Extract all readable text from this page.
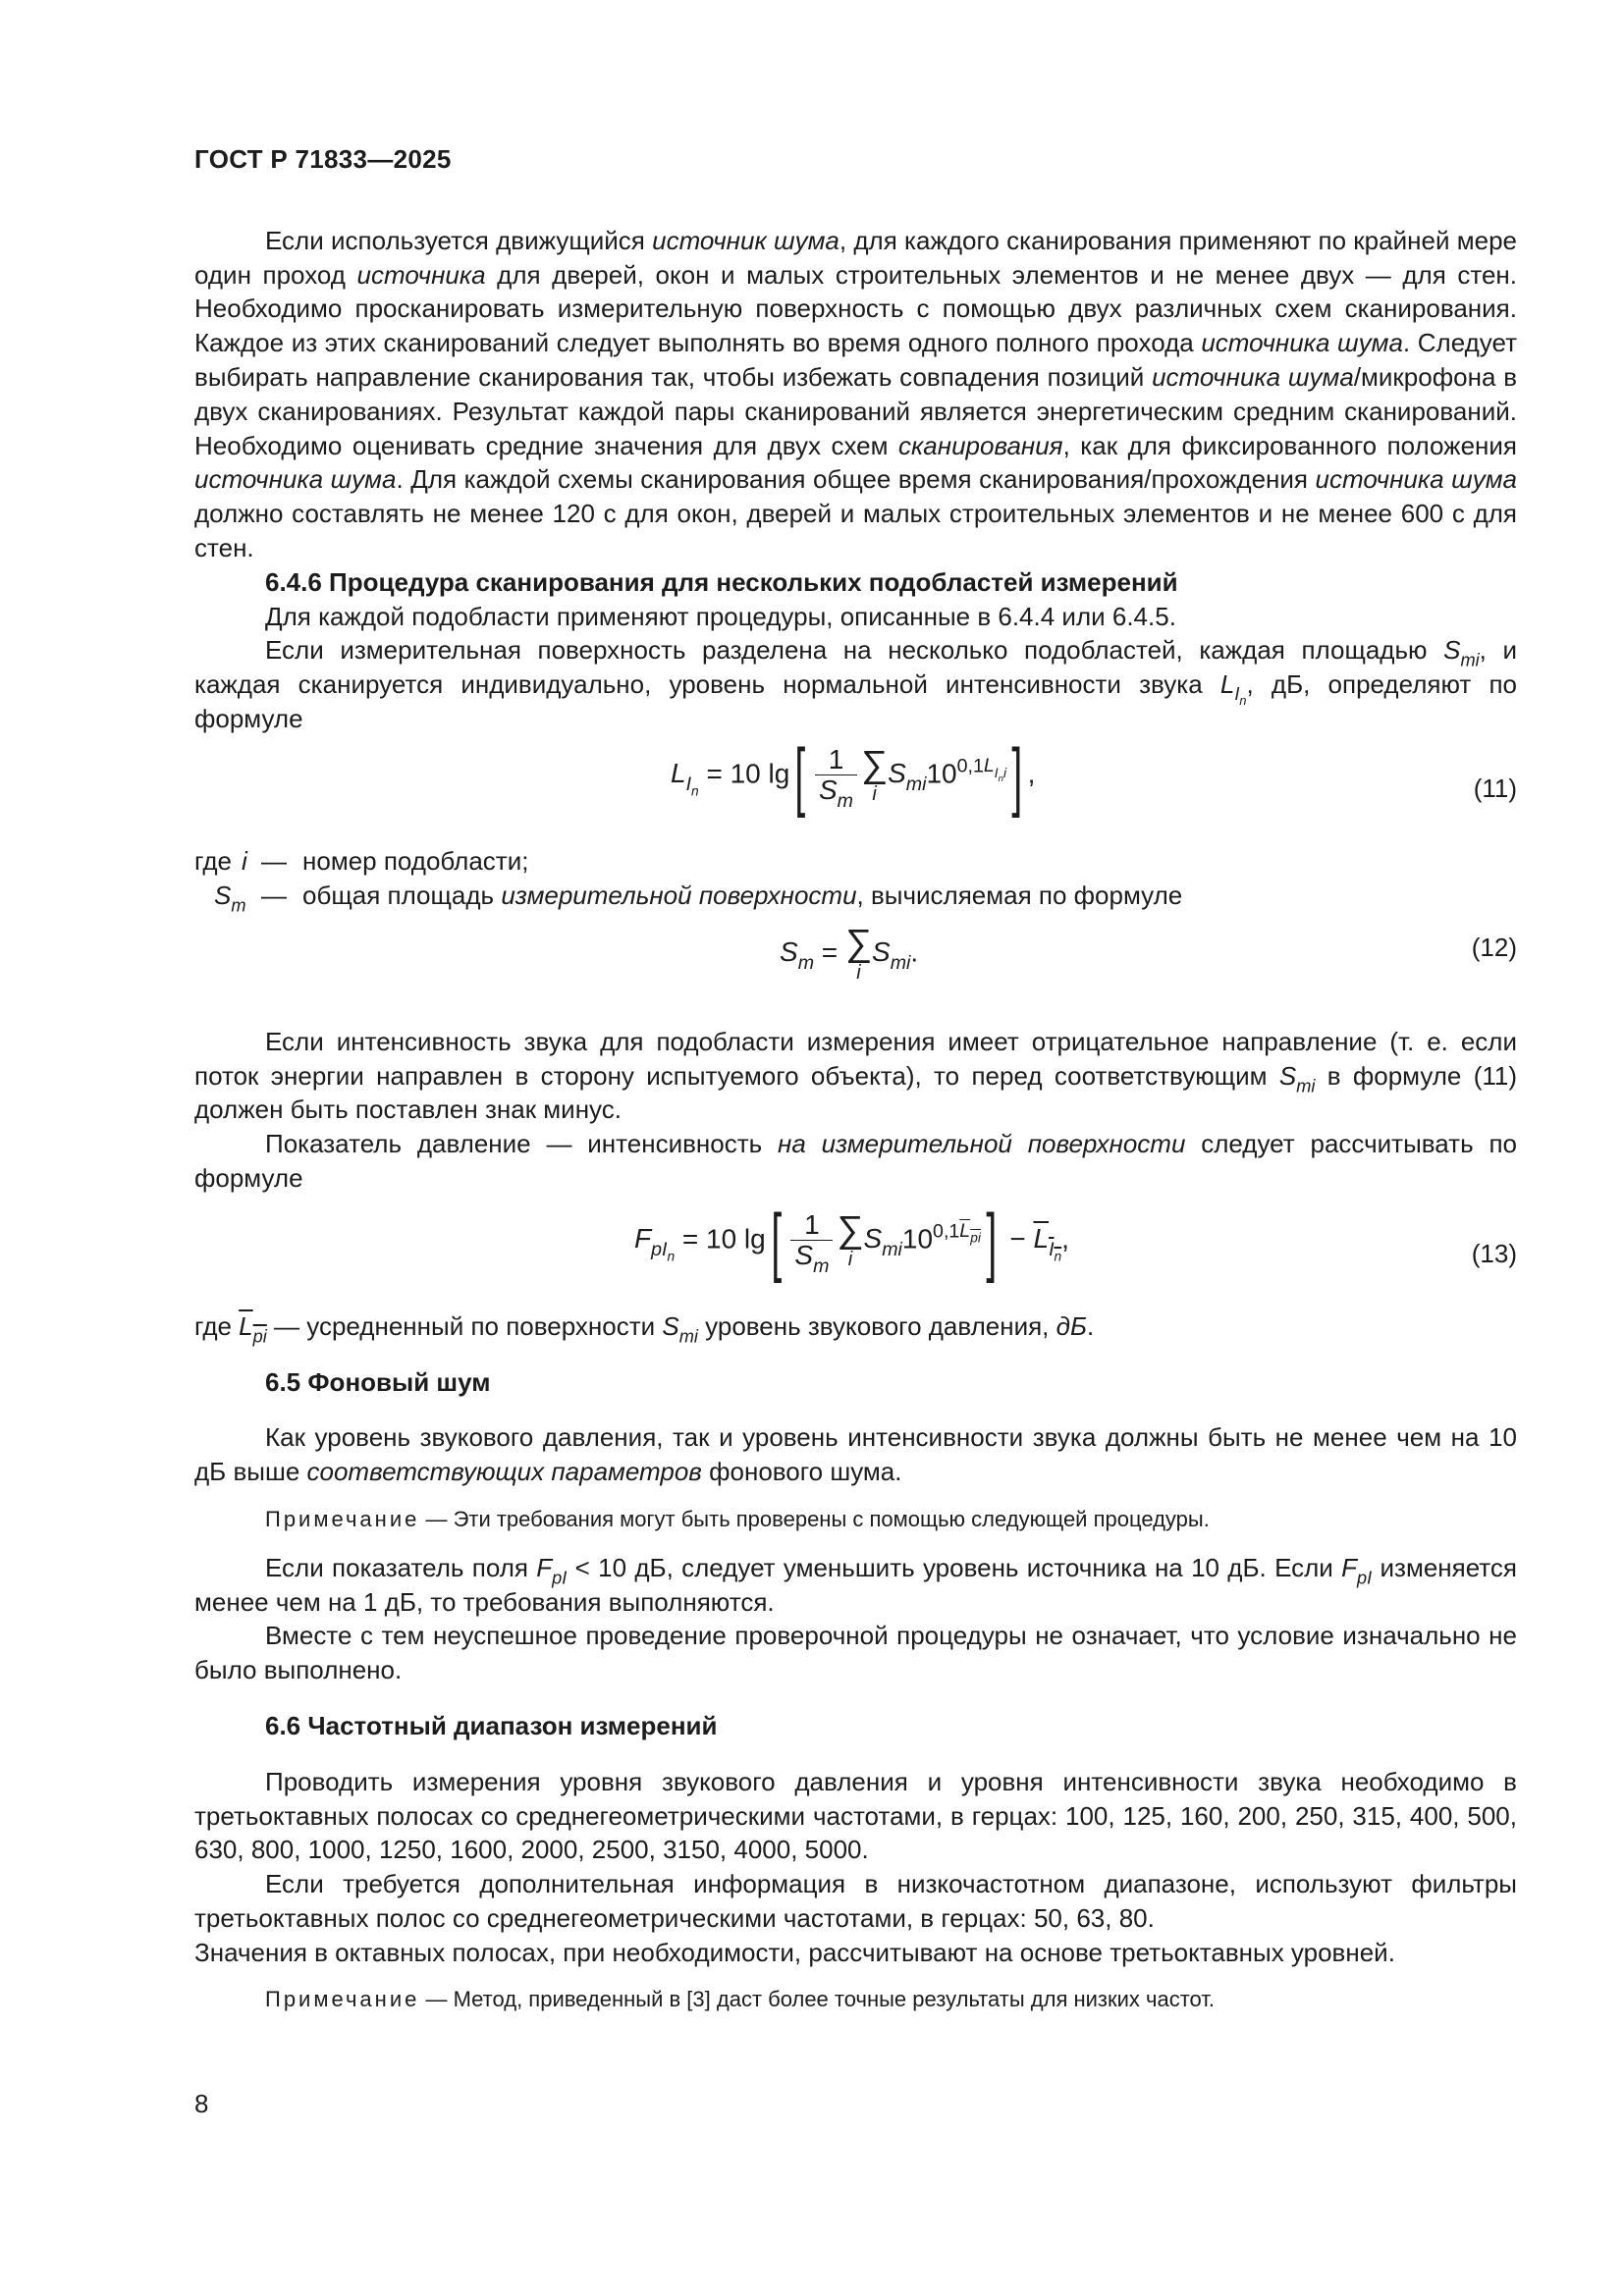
ГОСТ Р 71833—2025

Если используется движущийся источник шума, для каждого сканирования применяют по крайней мере один проход источника для дверей, окон и малых строительных элементов и не менее двух — для стен. Необходимо просканировать измерительную поверхность с помощью двух различных схем сканирования. Каждое из этих сканирований следует выполнять во время одного полного прохода источника шума. Следует выбирать направление сканирования так, чтобы избежать совпадения позиций источника шума/микрофона в двух сканированиях. Результат каждой пары сканирований является энергетическим средним сканирований. Необходимо оценивать средние значения для двух схем сканирования, как для фиксированного положения источника шума. Для каждой схемы сканирования общее время сканирования/прохождения источника шума должно составлять не менее 120 с для окон, дверей и малых строительных элементов и не менее 600 с для стен.

6.4.6 Процедура сканирования для нескольких подобластей измерений

Для каждой подобласти применяют процедуры, описанные в 6.4.4 или 6.4.5.

Если измерительная поверхность разделена на несколько подобластей, каждая площадью $S_{mi}$, и каждая сканируется индивидуально, уровень нормальной интенсивности звука $L_{I_n}$, дБ, определяют по формуле

$L_{I_n} = 10$ $\lg[ \frac{1}{S_m}$ ∑
i
$S_{mi}10^{0,1L_{I_ni}}$] ,	(11)
где i — номер подобласти;
$S_m$ — общая площадь измерительной поверхности, вычисляемая по формуле
$S_m$ = ∑
i
$S_{mi}$.	(12)

Если интенсивность звука для подобласти измерения имеет отрицательное направление (т. е. если поток энергии направлен в сторону испытуемого объекта), то перед соответствующим $S_{mi}$ в формуле (11) должен быть поставлен знак минус.

Показатель давление — интенсивность на измерительной поверхности следует рассчитывать по формуле

$F_{pI_n} = 10$ $\lg[ \frac{1}{S_m}$ ∑
i
$S_{mi}10^{0,1L_{pi}}] - L_{I_n}$,	(13)

где $L_{pi}$ — усредненный по поверхности $S_{mi}$ уровень звукового давления, дБ.

6.5 Фоновый шум

Как уровень звукового давления, так и уровень интенсивности звука должны быть не менее чем на 10 дБ выше соответствующих параметров фонового шума.

Примечание — Эти требования могут быть проверены с помощью следующей процедуры.

Если показатель поля $F_{pI} < 10$ дБ, следует уменьшить уровень источника на 10 дБ. Если $F_{pI}$ изменяется менее чем на 1 дБ, то требования выполняются.

Вместе с тем неуспешное проведение проверочной процедуры не означает, что условие изначально не было выполнено.

6.6 Частотный диапазон измерений

Проводить измерения уровня звукового давления и уровня интенсивности звука необходимо в третьоктавных полосах со среднегеометрическими частотами, в герцах: 100, 125, 160, 200, 250, 315, 400, 500, 630, 800, 1000, 1250, 1600, 2000, 2500, 3150, 4000, 5000.

Если требуется дополнительная информация в низкочастотном диапазоне, используют фильтры третьоктавных полос со среднегеометрическими частотами, в герцах: 50, 63, 80.

Значения в октавных полосах, при необходимости, рассчитывают на основе третьоктавных уровней.

Примечание — Метод, приведенный в [3] даст более точные результаты для низких частот.

8
